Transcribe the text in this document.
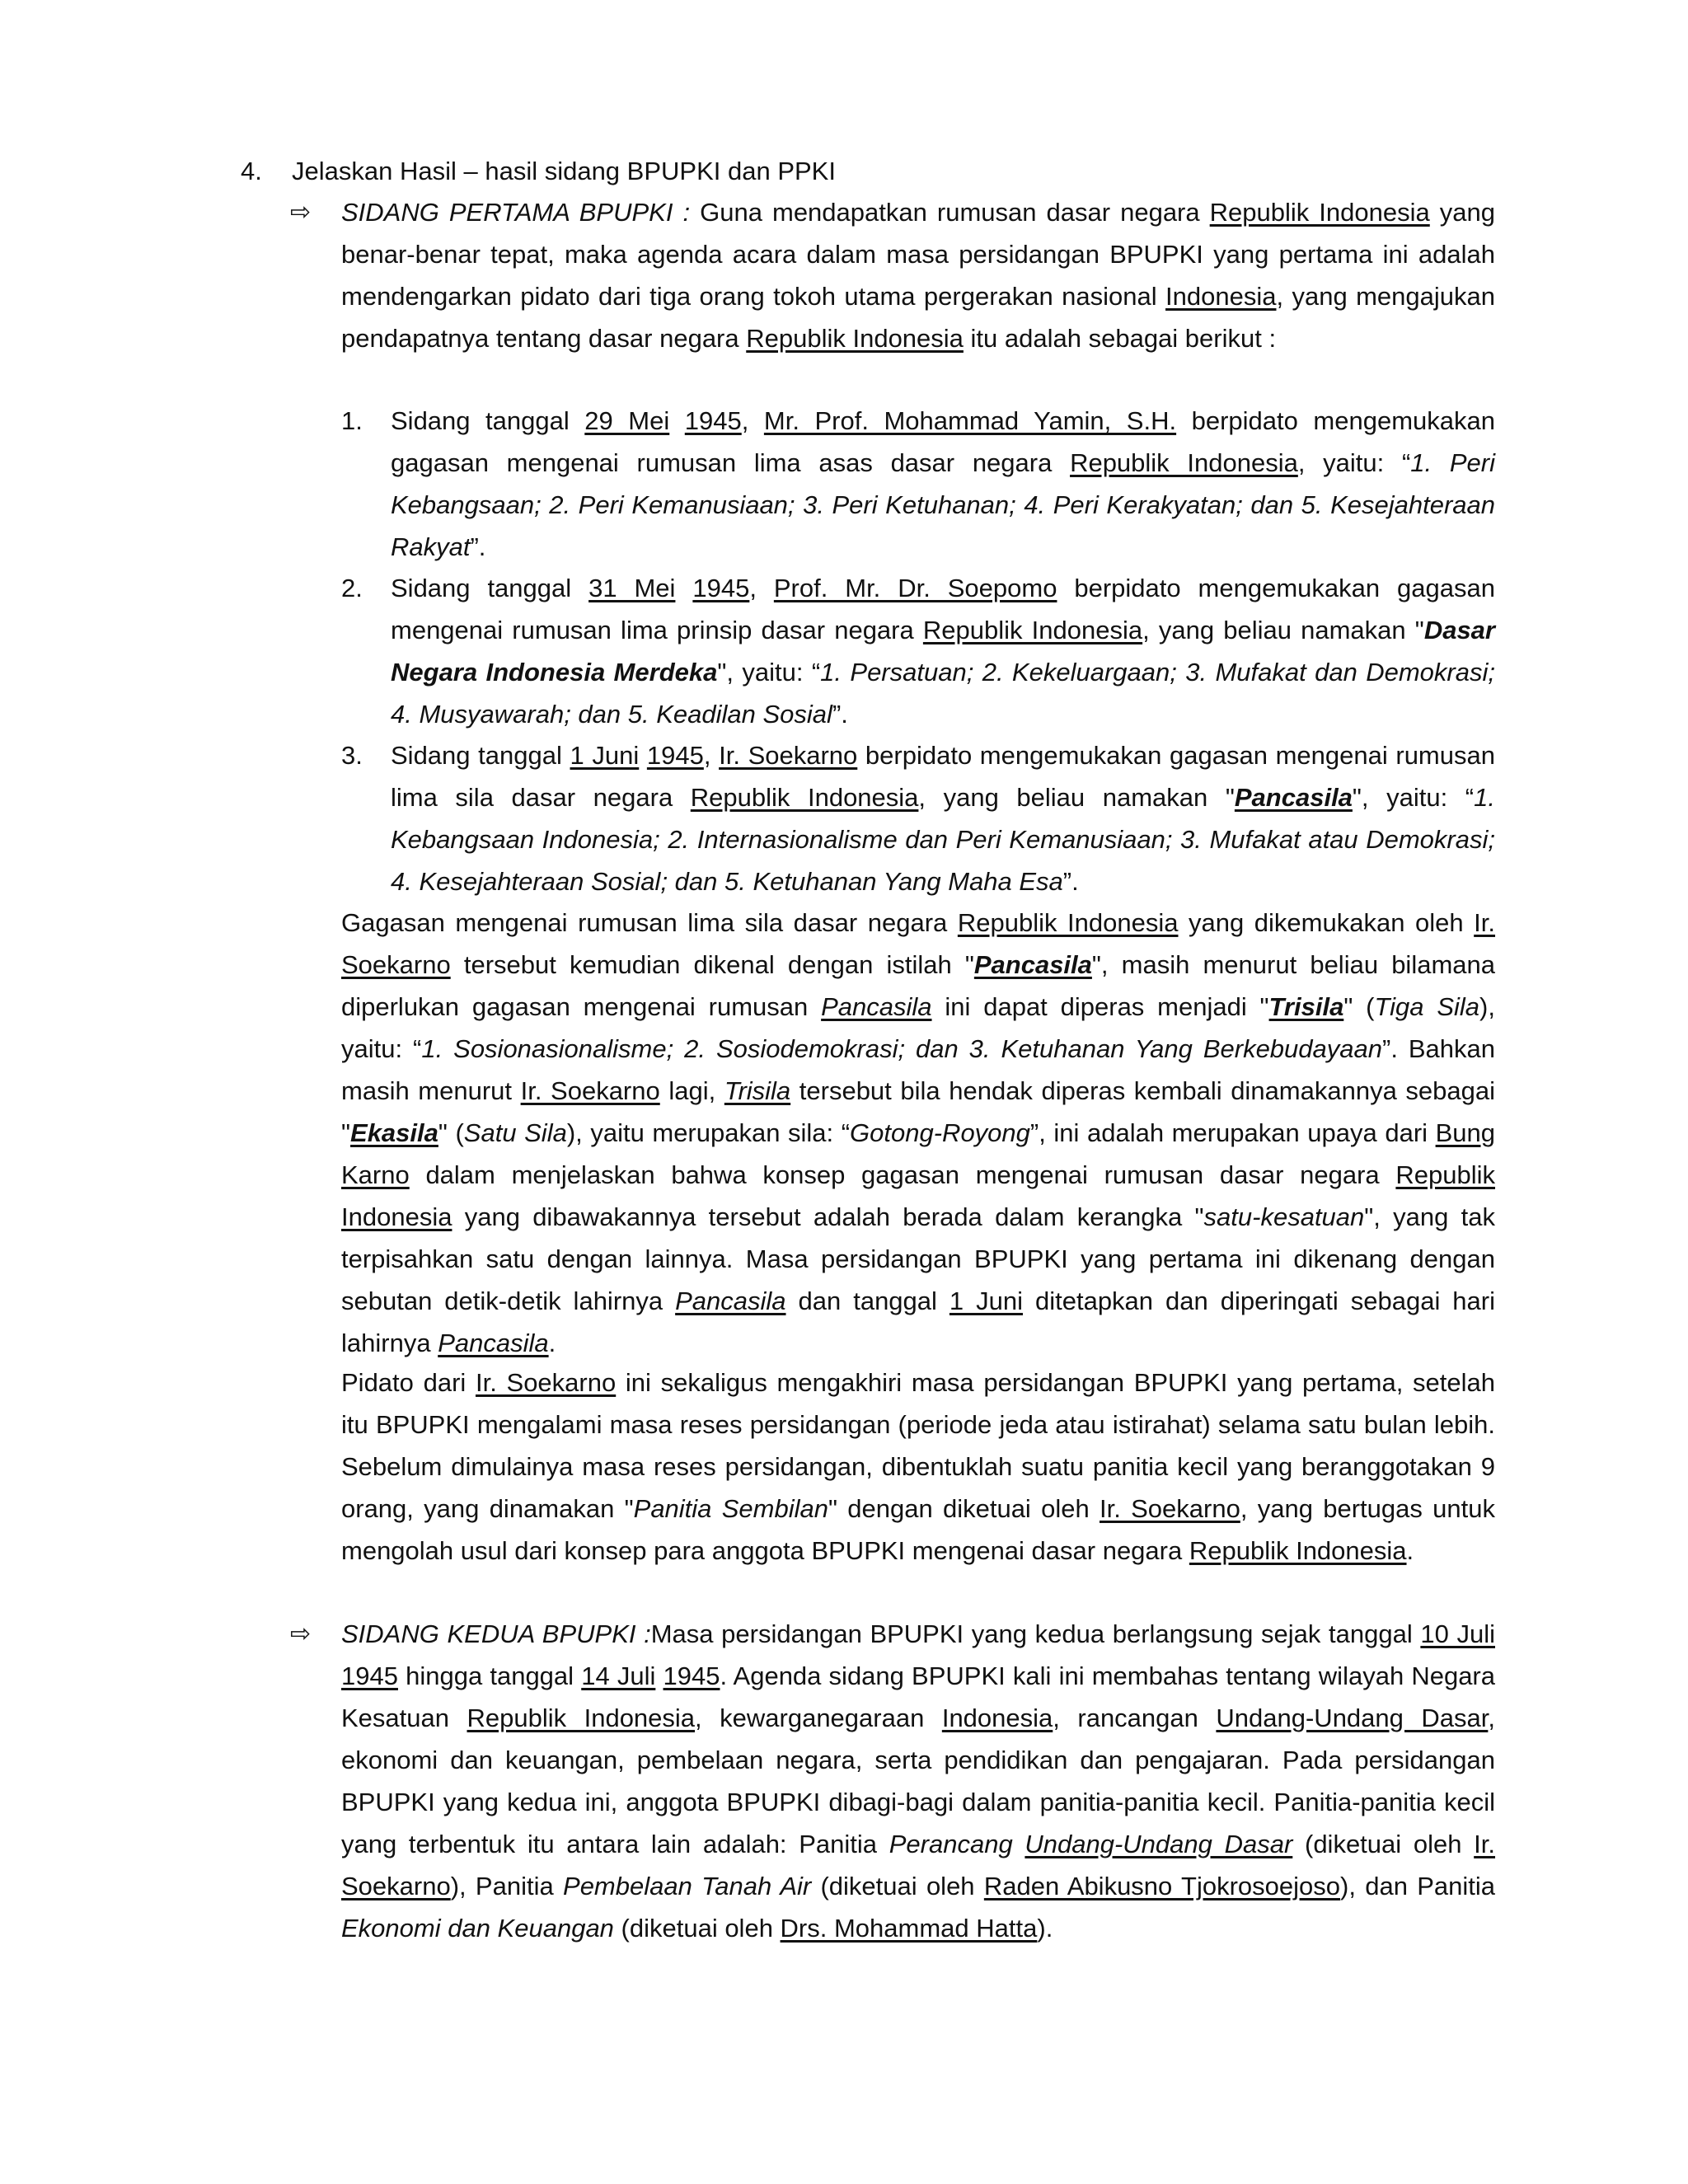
4. Jelaskan Hasil – hasil sidang BPUPKI dan PPKI
⇨	SIDANG PERTAMA BPUPKI : Guna mendapatkan rumusan dasar negara Republik Indonesia yang benar-benar tepat, maka agenda acara dalam masa persidangan BPUPKI yang pertama ini adalah mendengarkan pidato dari tiga orang tokoh utama pergerakan nasional Indonesia, yang mengajukan pendapatnya tentang dasar negara Republik Indonesia itu adalah sebagai berikut :
1. Sidang tanggal 29 Mei 1945, Mr. Prof. Mohammad Yamin, S.H. berpidato mengemukakan gagasan mengenai rumusan lima asas dasar negara Republik Indonesia, yaitu: “1. Peri Kebangsaan; 2. Peri Kemanusiaan; 3. Peri Ketuhanan; 4. Peri Kerakyatan; dan 5. Kesejahteraan Rakyat”.
2. Sidang tanggal 31 Mei 1945, Prof. Mr. Dr. Soepomo berpidato mengemukakan gagasan mengenai rumusan lima prinsip dasar negara Republik Indonesia, yang beliau namakan "Dasar Negara Indonesia Merdeka", yaitu: “1. Persatuan; 2. Kekeluargaan; 3. Mufakat dan Demokrasi; 4. Musyawarah; dan 5. Keadilan Sosial”.
3. Sidang tanggal 1 Juni 1945, Ir. Soekarno berpidato mengemukakan gagasan mengenai rumusan lima sila dasar negara Republik Indonesia, yang beliau namakan "Pancasila", yaitu: “1. Kebangsaan Indonesia; 2. Internasionalisme dan Peri Kemanusiaan; 3. Mufakat atau Demokrasi; 4. Kesejahteraan Sosial; dan 5. Ketuhanan Yang Maha Esa”.
Gagasan mengenai rumusan lima sila dasar negara Republik Indonesia yang dikemukakan oleh Ir. Soekarno tersebut kemudian dikenal dengan istilah "Pancasila", masih menurut beliau bilamana diperlukan gagasan mengenai rumusan Pancasila ini dapat diperas menjadi "Trisila" (Tiga Sila), yaitu: “1. Sosionasionalisme; 2. Sosiodemokrasi; dan 3. Ketuhanan Yang Berkebudayaan”. Bahkan masih menurut Ir. Soekarno lagi, Trisila tersebut bila hendak diperas kembali dinamakannya sebagai "Ekasila" (Satu Sila), yaitu merupakan sila: “Gotong-Royong”, ini adalah merupakan upaya dari Bung Karno dalam menjelaskan bahwa konsep gagasan mengenai rumusan dasar negara Republik Indonesia yang dibawakannya tersebut adalah berada dalam kerangka "satu-kesatuan", yang tak terpisahkan satu dengan lainnya. Masa persidangan BPUPKI yang pertama ini dikenang dengan sebutan detik-detik lahirnya Pancasila dan tanggal 1 Juni ditetapkan dan diperingati sebagai hari lahirnya Pancasila.
Pidato dari Ir. Soekarno ini sekaligus mengakhiri masa persidangan BPUPKI yang pertama, setelah itu BPUPKI mengalami masa reses persidangan (periode jeda atau istirahat) selama satu bulan lebih. Sebelum dimulainya masa reses persidangan, dibentuklah suatu panitia kecil yang beranggotakan 9 orang, yang dinamakan "Panitia Sembilan" dengan diketuai oleh Ir. Soekarno, yang bertugas untuk mengolah usul dari konsep para anggota BPUPKI mengenai dasar negara Republik Indonesia.
⇨	SIDANG KEDUA BPUPKI :Masa persidangan BPUPKI yang kedua berlangsung sejak tanggal 10 Juli 1945 hingga tanggal 14 Juli 1945. Agenda sidang BPUPKI kali ini membahas tentang wilayah Negara Kesatuan Republik Indonesia, kewarganegaraan Indonesia, rancangan Undang-Undang Dasar, ekonomi dan keuangan, pembelaan negara, serta pendidikan dan pengajaran. Pada persidangan BPUPKI yang kedua ini, anggota BPUPKI dibagi-bagi dalam panitia-panitia kecil. Panitia-panitia kecil yang terbentuk itu antara lain adalah: Panitia Perancang Undang-Undang Dasar (diketuai oleh Ir. Soekarno), Panitia Pembelaan Tanah Air (diketuai oleh Raden Abikusno Tjokrosoejoso), dan Panitia Ekonomi dan Keuangan (diketuai oleh Drs. Mohammad Hatta).
